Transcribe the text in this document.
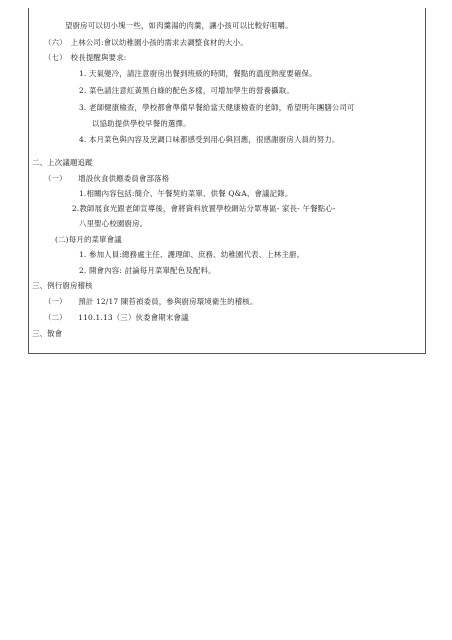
望廚房可以切小塊一些，如肉羹湯的肉羹，讓小孩可以比較好咀嚼。
（六）　上林公司:會以幼稚園小孩的需求去調整食材的大小。
（七）　校長提醒與要求:
1. 天氣變冷，請注意廚房出餐到班級的時間，餐點的溫度熱度要確保。
2. 菜色請注意紅黃黑白綠的配色多樣，可增加學生的營養攝取。
3. 老師健康檢查，學校都會準備早餐給當天健康檢查的老師，希望明年團膳公司可
以協助提供學校早餐的選擇。
4. 本月菜色與內容及烹調口味都感受到用心與回應，很感謝廚房人員的努力。
二、上次議題追蹤
（一）　　增設伙食供應委員會部落格
1.相關內容包括:簡介、午餐契約菜單、供餐 Q&A、會議記錄。
2.教師展食光跟老師宣導後，會將資料放置學校網站分眾專區- 家長- 午餐點心-
八里聖心校園廚房。
(二)每月的菜單會議
1. 參加人員:總務處主任、護理師、庶務、幼稚園代表、上林主廚。
2. 開會內容: 討論每月菜單配色及配料。
三、例行廚房稽核
（一）　　預計 12/17 陳苔禎委員，參與廚房環境衛生的稽核。
（二）　　110.1.13（三）伙委會期末會議
三、散會
